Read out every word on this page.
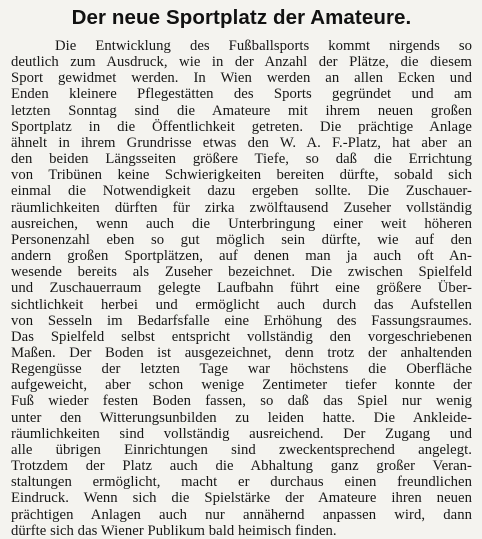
Der neue Sportplatz der Amateure.
Die Entwicklung des Fußballsports kommt nirgends so
deutlich zum Ausdruck, wie in der Anzahl der Plätze, die diesem
Sport gewidmet werden. In Wien werden an allen Ecken und
Enden kleinere Pflegestätten des Sports gegründet und am
letzten Sonntag sind die Amateure mit ihrem neuen großen
Sportplatz in die Öffentlichkeit getreten. Die prächtige Anlage
ähnelt in ihrem Grundrisse etwas den W. A. F.-Platz, hat aber an
den beiden Längsseiten größere Tiefe, so daß die Errichtung
von Tribünen keine Schwierigkeiten bereiten dürfte, sobald sich
einmal die Notwendigkeit dazu ergeben sollte. Die Zuschauer-
räumlichkeiten dürften für zirka zwölftausend Zuseher vollständig
ausreichen, wenn auch die Unterbringung einer weit höheren
Personenzahl eben so gut möglich sein dürfte, wie auf den
andern großen Sportplätzen, auf denen man ja auch oft An-
wesende bereits als Zuseher bezeichnet. Die zwischen Spielfeld
und Zuschauerraum gelegte Laufbahn führt eine größere Über-
sichtlichkeit herbei und ermöglicht auch durch das Aufstellen
von Sesseln im Bedarfsfalle eine Erhöhung des Fassungsraumes.
Das Spielfeld selbst entspricht vollständig den vorgeschriebenen
Maßen. Der Boden ist ausgezeichnet, denn trotz der anhaltenden
Regengüsse der letzten Tage war höchstens die Oberfläche
aufgeweicht, aber schon wenige Zentimeter tiefer konnte der
Fuß wieder festen Boden fassen, so daß das Spiel nur wenig
unter den Witterungsunbilden zu leiden hatte. Die Ankleide-
räumlichkeiten sind vollständig ausreichend. Der Zugang und
alle übrigen Einrichtungen sind zweckentsprechend angelegt.
Trotzdem der Platz auch die Abhaltung ganz großer Veran-
staltungen ermöglicht, macht er durchaus einen freundlichen
Eindruck. Wenn sich die Spielstärke der Amateure ihren neuen
prächtigen Anlagen auch nur annähernd anpassen wird, dann
dürfte sich das Wiener Publikum bald heimisch finden.
